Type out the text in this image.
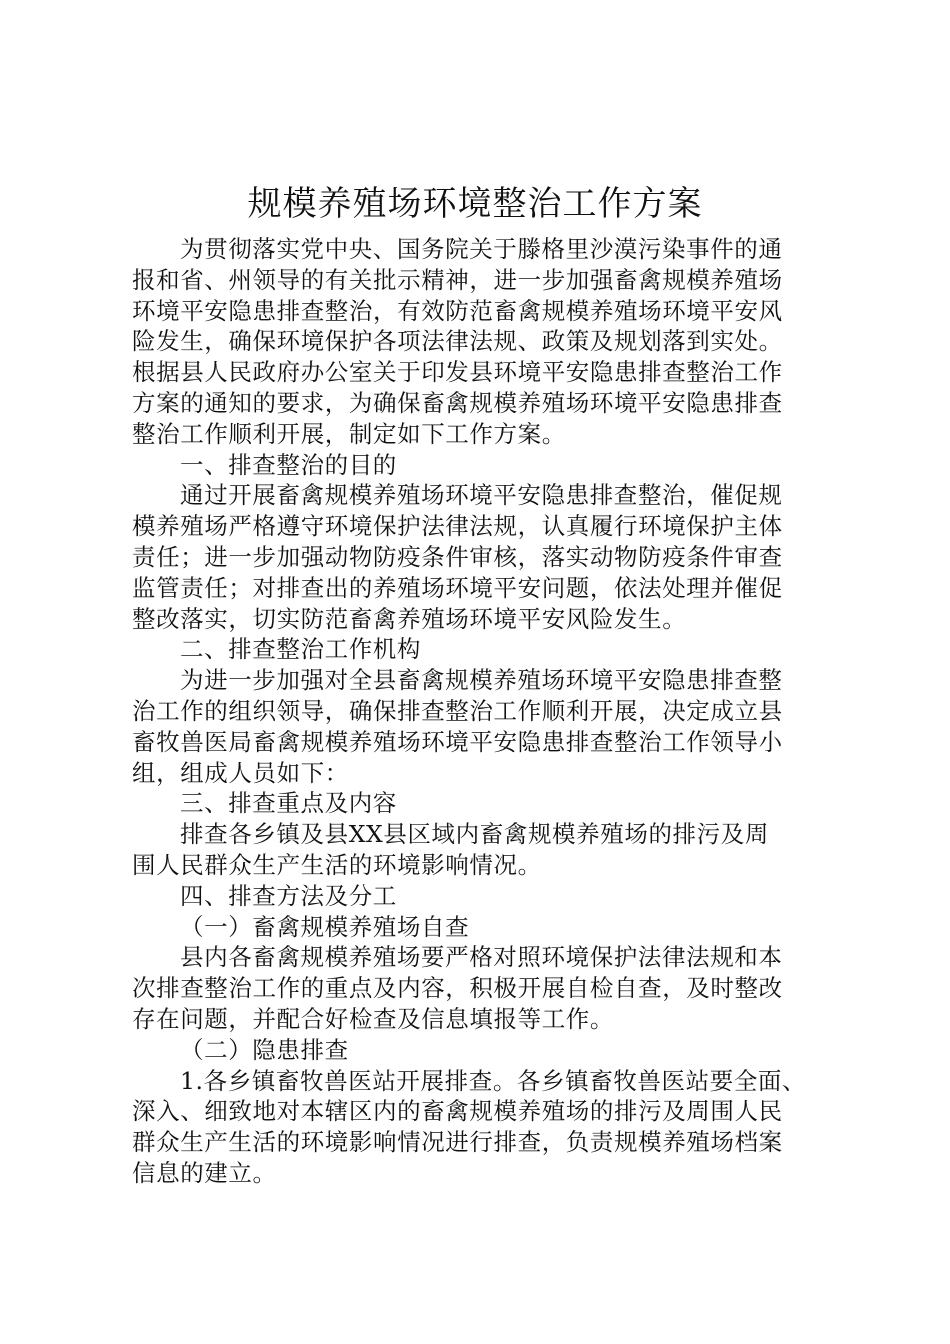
规模养殖场环境整治工作方案
为贯彻落实党中央、国务院关于滕格里沙漠污染事件的通
报和省、州领导的有关批示精神，进一步加强畜禽规模养殖场
环境平安隐患排查整治，有效防范畜禽规模养殖场环境平安风
险发生，确保环境保护各项法律法规、政策及规划落到实处。
根据县人民政府办公室关于印发县环境平安隐患排查整治工作
方案的通知的要求，为确保畜禽规模养殖场环境平安隐患排查
整治工作顺利开展，制定如下工作方案。
一、排查整治的目的
通过开展畜禽规模养殖场环境平安隐患排查整治，催促规
模养殖场严格遵守环境保护法律法规，认真履行环境保护主体
责任；进一步加强动物防疫条件审核，落实动物防疫条件审查
监管责任；对排查出的养殖场环境平安问题，依法处理并催促
整改落实，切实防范畜禽养殖场环境平安风险发生。
二、排查整治工作机构
为进一步加强对全县畜禽规模养殖场环境平安隐患排查整
治工作的组织领导，确保排查整治工作顺利开展，决定成立县
畜牧兽医局畜禽规模养殖场环境平安隐患排查整治工作领导小
组，组成人员如下：
三、排查重点及内容
排查各乡镇及县XX县区域内畜禽规模养殖场的排污及周
围人民群众生产生活的环境影响情况。
四、排查方法及分工
（一）畜禽规模养殖场自查
县内各畜禽规模养殖场要严格对照环境保护法律法规和本
次排查整治工作的重点及内容，积极开展自检自查，及时整改
存在问题，并配合好检查及信息填报等工作。
（二）隐患排查
1.各乡镇畜牧兽医站开展排查。各乡镇畜牧兽医站要全面、
深入、细致地对本辖区内的畜禽规模养殖场的排污及周围人民
群众生产生活的环境影响情况进行排查，负责规模养殖场档案
信息的建立。
